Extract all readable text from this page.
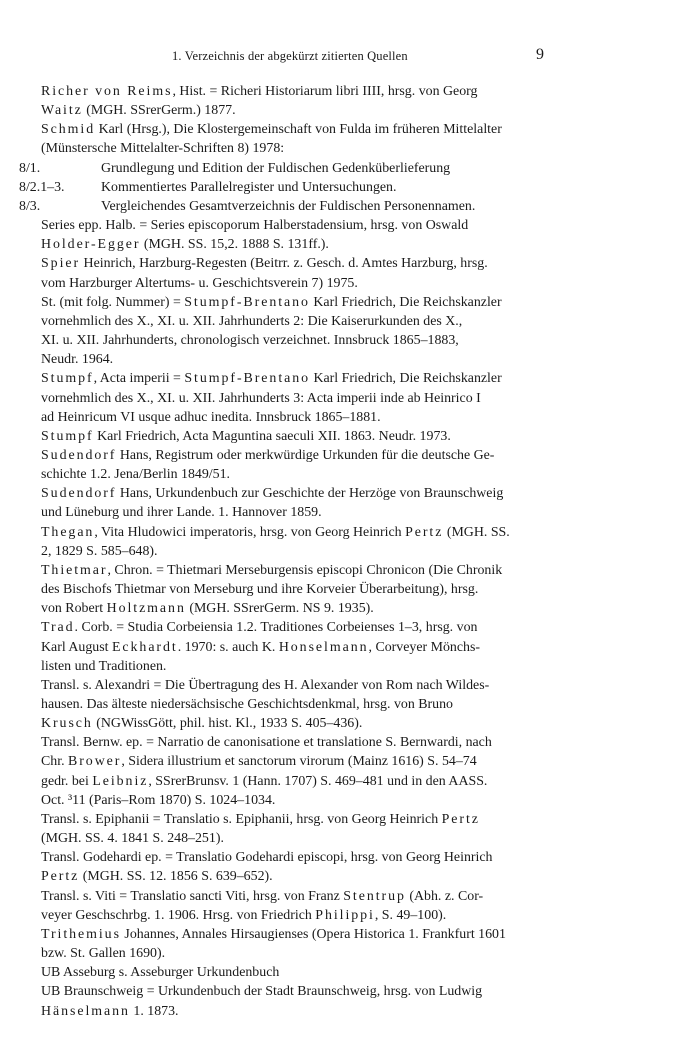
1. Verzeichnis der abgekürzt zitierten Quellen	9
Richer von Reims, Hist. = Richeri Historiarum libri IIII, hrsg. von Georg
Waitz (MGH. SSrerGerm.) 1877.
Schmid Karl (Hrsg.), Die Klostergemeinschaft von Fulda im früheren Mittelalter
(Münstersche Mittelalter-Schriften 8) 1978:
8/1.	Grundlegung und Edition der Fuldischen Gedenküberlieferung
8/2.1–3.	Kommentiertes Parallelregister und Untersuchungen.
8/3.	Vergleichendes Gesamtverzeichnis der Fuldischen Personennamen.
Series epp. Halb. = Series episcoporum Halberstadensium, hrsg. von Oswald
Holder-Egger (MGH. SS. 15,2. 1888 S. 131ff.).
Spier Heinrich, Harzburg-Regesten (Beitrr. z. Gesch. d. Amtes Harzburg, hrsg.
vom Harzburger Altertums- u. Geschichtsverein 7) 1975.
St. (mit folg. Nummer) = Stumpf-Brentano Karl Friedrich, Die Reichskanzler
vornehmlich des X., XI. u. XII. Jahrhunderts 2: Die Kaiserurkunden des X.,
XI. u. XII. Jahrhunderts, chronologisch verzeichnet. Innsbruck 1865–1883,
Neudr. 1964.
Stumpf, Acta imperii = Stumpf-Brentano Karl Friedrich, Die Reichskanzler
vornehmlich des X., XI. u. XII. Jahrhunderts 3: Acta imperii inde ab Heinrico I
ad Heinricum VI usque adhuc inedita. Innsbruck 1865–1881.
Stumpf Karl Friedrich, Acta Maguntina saeculi XII. 1863. Neudr. 1973.
Sudendorf Hans, Registrum oder merkwürdige Urkunden für die deutsche Ge-
schichte 1.2. Jena/Berlin 1849/51.
Sudendorf Hans, Urkundenbuch zur Geschichte der Herzöge von Braunschweig
und Lüneburg und ihrer Lande. 1. Hannover 1859.
Thegan, Vita Hludowici imperatoris, hrsg. von Georg Heinrich Pertz (MGH. SS.
2, 1829 S. 585–648).
Thietmar, Chron. = Thietmari Merseburgensis episcopi Chronicon (Die Chronik
des Bischofs Thietmar von Merseburg und ihre Korveier Überarbeitung), hrsg.
von Robert Holtzmann (MGH. SSrerGerm. NS 9. 1935).
Trad. Corb. = Studia Corbeiensia 1.2. Traditiones Corbeienses 1–3, hrsg. von
Karl August Eckhardt. 1970: s. auch K. Honselmann, Corveyer Mönchs-
listen und Traditionen.
Transl. s. Alexandri = Die Übertragung des H. Alexander von Rom nach Wildes-
hausen. Das älteste niedersächsische Geschichtsdenkmal, hrsg. von Bruno
Krusch (NGWissGött, phil. hist. Kl., 1933 S. 405–436).
Transl. Bernw. ep. = Narratio de canonisatione et translatione S. Bernwardi, nach
Chr. Brower, Sidera illustrium et sanctorum virorum (Mainz 1616) S. 54–74
gedr. bei Leibniz, SSrerBrunsv. 1 (Hann. 1707) S. 469–481 und in den AASS.
Oct. ³11 (Paris–Rom 1870) S. 1024–1034.
Transl. s. Epiphanii = Translatio s. Epiphanii, hrsg. von Georg Heinrich Pertz
(MGH. SS. 4. 1841 S. 248–251).
Transl. Godehardi ep. = Translatio Godehardi episcopi, hrsg. von Georg Heinrich
Pertz (MGH. SS. 12. 1856 S. 639–652).
Transl. s. Viti = Translatio sancti Viti, hrsg. von Franz Stentrup (Abh. z. Cor-
veyer Geschschrbg. 1. 1906. Hrsg. von Friedrich Philippi, S. 49–100).
Trithemius Johannes, Annales Hirsaugienses (Opera Historica 1. Frankfurt 1601
bzw. St. Gallen 1690).
UB Asseburg s. Asseburger Urkundenbuch
UB Braunschweig = Urkundenbuch der Stadt Braunschweig, hrsg. von Ludwig
Hänselmann 1. 1873.
